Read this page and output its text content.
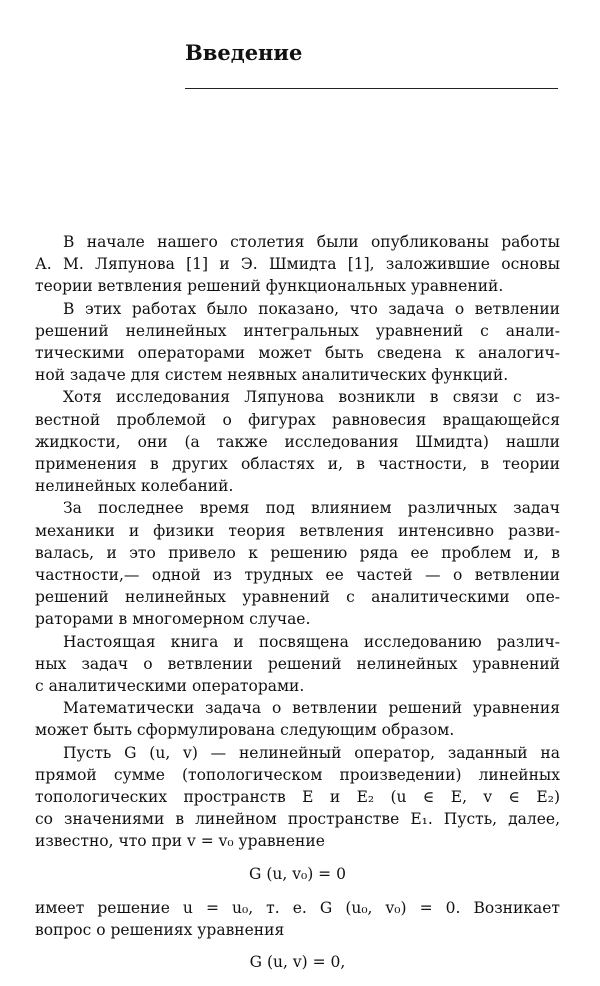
Введение
В начале нашего столетия были опубликованы работы
А. М. Ляпунова [1] и Э. Шмидта [1], заложившие основы
теории ветвления решений функциональных уравнений.
В этих работах было показано, что задача о ветвлении
решений нелинейных интегральных уравнений с анали-
тическими операторами может быть сведена к аналогич-
ной задаче для систем неявных аналитических функций.
Хотя исследования Ляпунова возникли в связи с из-
вестной проблемой о фигурах равновесия вращающейся
жидкости, они (а также исследования Шмидта) нашли
применения в других областях и, в частности, в теории
нелинейных колебаний.
За последнее время под влиянием различных задач
механики и физики теория ветвления интенсивно разви-
валась, и это привело к решению ряда ее проблем и, в
частности,— одной из трудных ее частей — о ветвлении
решений нелинейных уравнений с аналитическими опе-
раторами в многомерном случае.
Настоящая книга и посвящена исследованию различ-
ных задач о ветвлении решений нелинейных уравнений
с аналитическими операторами.
Математически задача о ветвлении решений уравнения
может быть сформулирована следующим образом.
Пусть G (u, v) — нелинейный оператор, заданный на
прямой сумме (топологическом произведении) линейных
топологических пространств E и E₂ (u ∈ E, v ∈ E₂)
со значениями в линейном пространстве E₁. Пусть, далее,
известно, что при v = v₀ уравнение
G (u, v₀) = 0
имеет решение u = u₀, т. е. G (u₀, v₀) = 0. Возникает
вопрос о решениях уравнения
G (u, v) = 0,
